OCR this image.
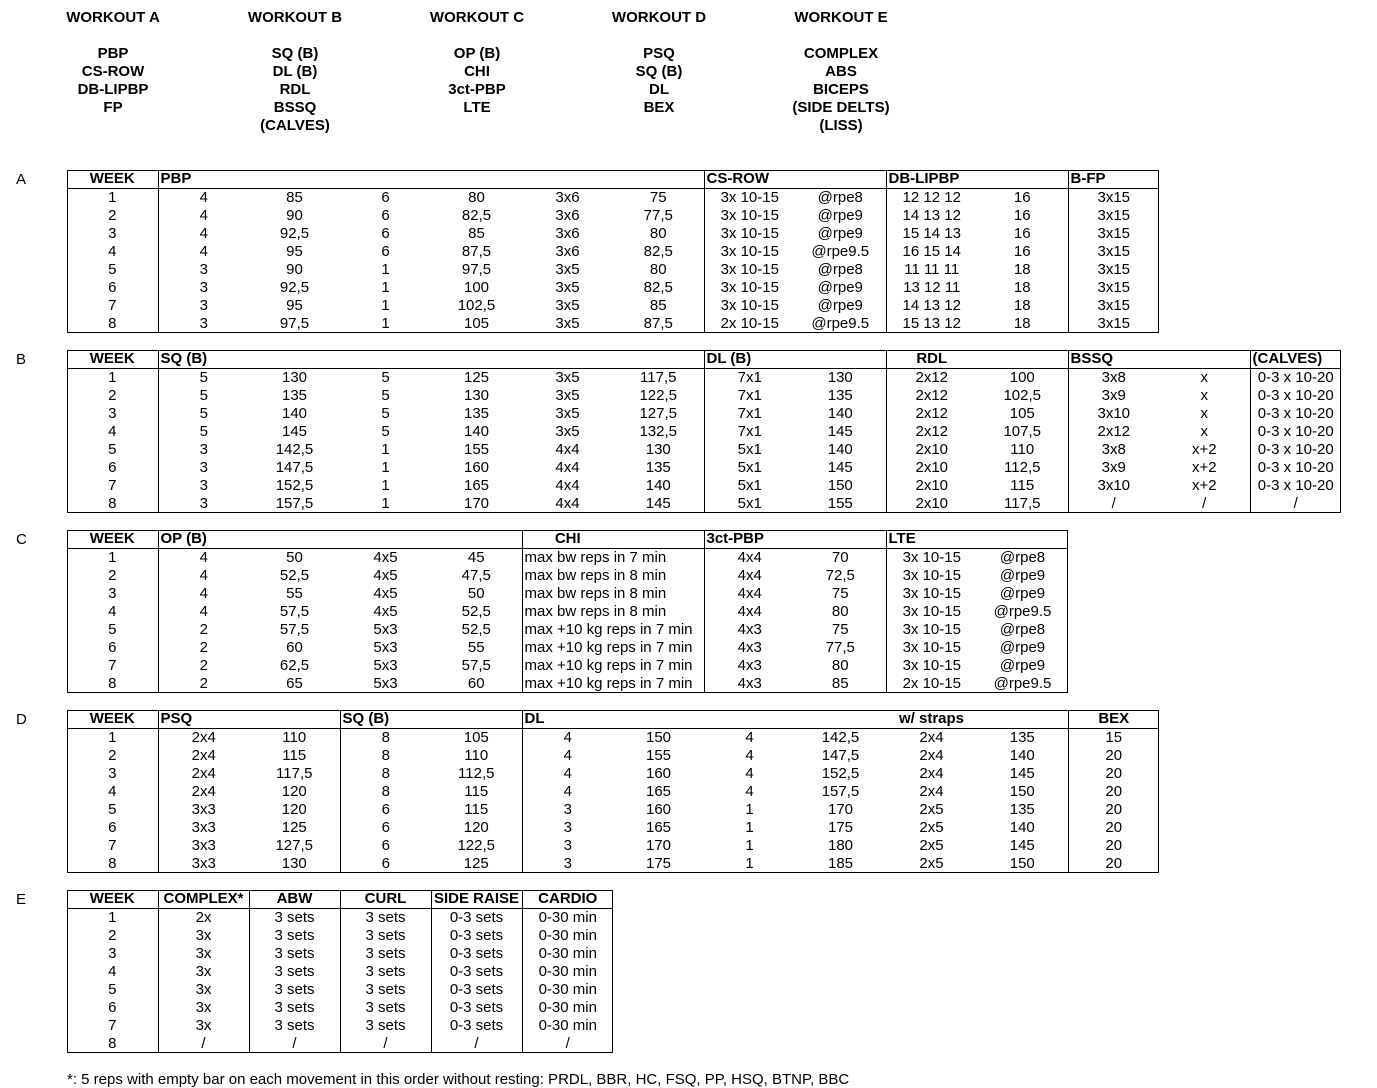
WORKOUT A
PBP
CS-ROW
DB-LIPBP
FP
WORKOUT B
SQ (B)
DL (B)
RDL
BSSQ
(CALVES)
WORKOUT C
OP (B)
CHI
3ct-PBP
LTE
WORKOUT D
PSQ
SQ (B)
DL
BEX
WORKOUT E
COMPLEX
ABS
BICEPS
(SIDE DELTS)
(LISS)
A
B
C
D
E
WEEK	PBP						CS-ROW		DB-LIPBP		B-FP
1	4	85	6	80	3x6	75	3x 10-15	@rpe8	12 12 12	16	3x15
2	4	90	6	82,5	3x6	77,5	3x 10-15	@rpe9	14 13 12	16	3x15
3	4	92,5	6	85	3x6	80	3x 10-15	@rpe9	15 14 13	16	3x15
4	4	95	6	87,5	3x6	82,5	3x 10-15	@rpe9.5	16 15 14	16	3x15
5	3	90	1	97,5	3x5	80	3x 10-15	@rpe8	11 11 11	18	3x15
6	3	92,5	1	100	3x5	82,5	3x 10-15	@rpe9	13 12 11	18	3x15
7	3	95	1	102,5	3x5	85	3x 10-15	@rpe9	14 13 12	18	3x15
8	3	97,5	1	105	3x5	87,5	2x 10-15	@rpe9.5	15 13 12	18	3x15
WEEK	SQ (B)						DL (B)		RDL		BSSQ		(CALVES)
1	5	130	5	125	3x5	117,5	7x1	130	2x12	100	3x8	x	0-3 x 10-20
2	5	135	5	130	3x5	122,5	7x1	135	2x12	102,5	3x9	x	0-3 x 10-20
3	5	140	5	135	3x5	127,5	7x1	140	2x12	105	3x10	x	0-3 x 10-20
4	5	145	5	140	3x5	132,5	7x1	145	2x12	107,5	2x12	x	0-3 x 10-20
5	3	142,5	1	155	4x4	130	5x1	140	2x10	110	3x8	x+2	0-3 x 10-20
6	3	147,5	1	160	4x4	135	5x1	145	2x10	112,5	3x9	x+2	0-3 x 10-20
7	3	152,5	1	165	4x4	140	5x1	150	2x10	115	3x10	x+2	0-3 x 10-20
8	3	157,5	1	170	4x4	145	5x1	155	2x10	117,5	/	/	/
WEEK	OP (B)				CHI		3ct-PBP		LTE	
1	4	50	4x5	45	max bw reps in 7 min		4x4	70	3x 10-15	@rpe8
2	4	52,5	4x5	47,5	max bw reps in 8 min		4x4	72,5	3x 10-15	@rpe9
3	4	55	4x5	50	max bw reps in 8 min		4x4	75	3x 10-15	@rpe9
4	4	57,5	4x5	52,5	max bw reps in 8 min		4x4	80	3x 10-15	@rpe9.5
5	2	57,5	5x3	52,5	max +10 kg reps in 7 min		4x3	75	3x 10-15	@rpe8
6	2	60	5x3	55	max +10 kg reps in 7 min		4x3	77,5	3x 10-15	@rpe9
7	2	62,5	5x3	57,5	max +10 kg reps in 7 min		4x3	80	3x 10-15	@rpe9
8	2	65	5x3	60	max +10 kg reps in 7 min		4x3	85	2x 10-15	@rpe9.5
WEEK	PSQ		SQ (B)		DL				w/ straps		BEX
1	2x4	110	8	105	4	150	4	142,5	2x4	135	15
2	2x4	115	8	110	4	155	4	147,5	2x4	140	20
3	2x4	117,5	8	112,5	4	160	4	152,5	2x4	145	20
4	2x4	120	8	115	4	165	4	157,5	2x4	150	20
5	3x3	120	6	115	3	160	1	170	2x5	135	20
6	3x3	125	6	120	3	165	1	175	2x5	140	20
7	3x3	127,5	6	122,5	3	170	1	180	2x5	145	20
8	3x3	130	6	125	3	175	1	185	2x5	150	20
WEEK	COMPLEX*	ABW	CURL	SIDE RAISE	CARDIO
1	2x	3 sets	3 sets	0-3 sets	0-30 min
2	3x	3 sets	3 sets	0-3 sets	0-30 min
3	3x	3 sets	3 sets	0-3 sets	0-30 min
4	3x	3 sets	3 sets	0-3 sets	0-30 min
5	3x	3 sets	3 sets	0-3 sets	0-30 min
6	3x	3 sets	3 sets	0-3 sets	0-30 min
7	3x	3 sets	3 sets	0-3 sets	0-30 min
8	/	/	/	/	/
*: 5 reps with empty bar on each movement in this order without resting: PRDL, BBR, HC, FSQ, PP, HSQ, BTNP, BBC
